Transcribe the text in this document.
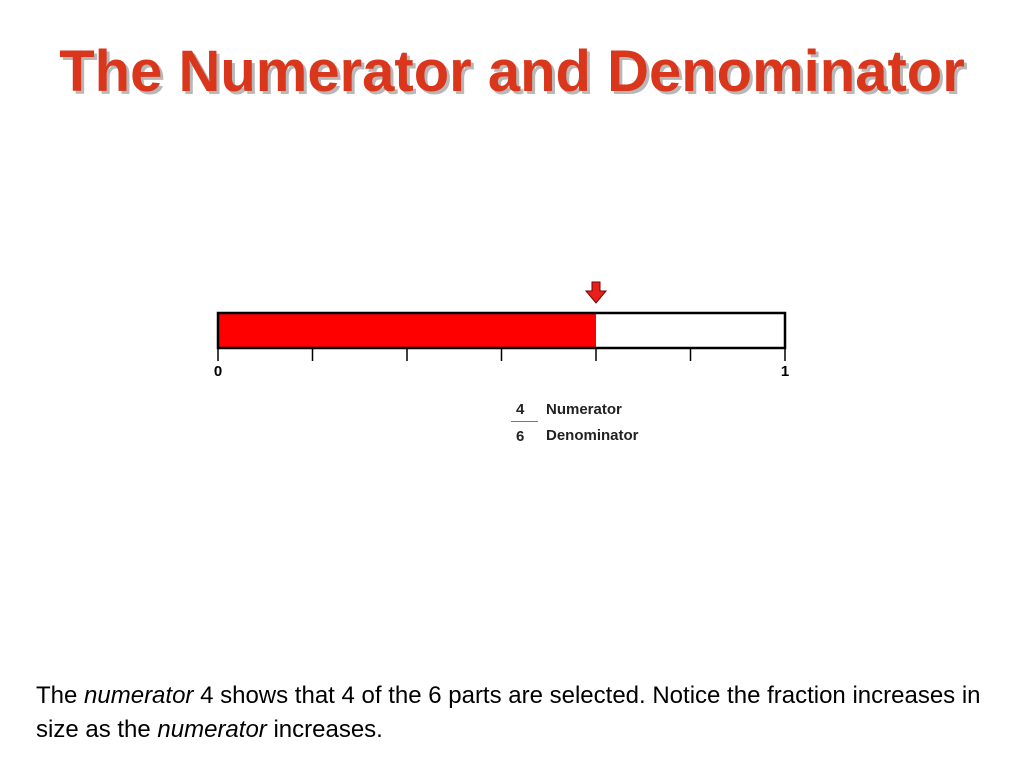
The Numerator and Denominator
0	1
4
6
Numerator
Denominator

The numerator 4 shows that 4 of the 6 parts are selected. Notice the fraction increases in size as the numerator increases.
